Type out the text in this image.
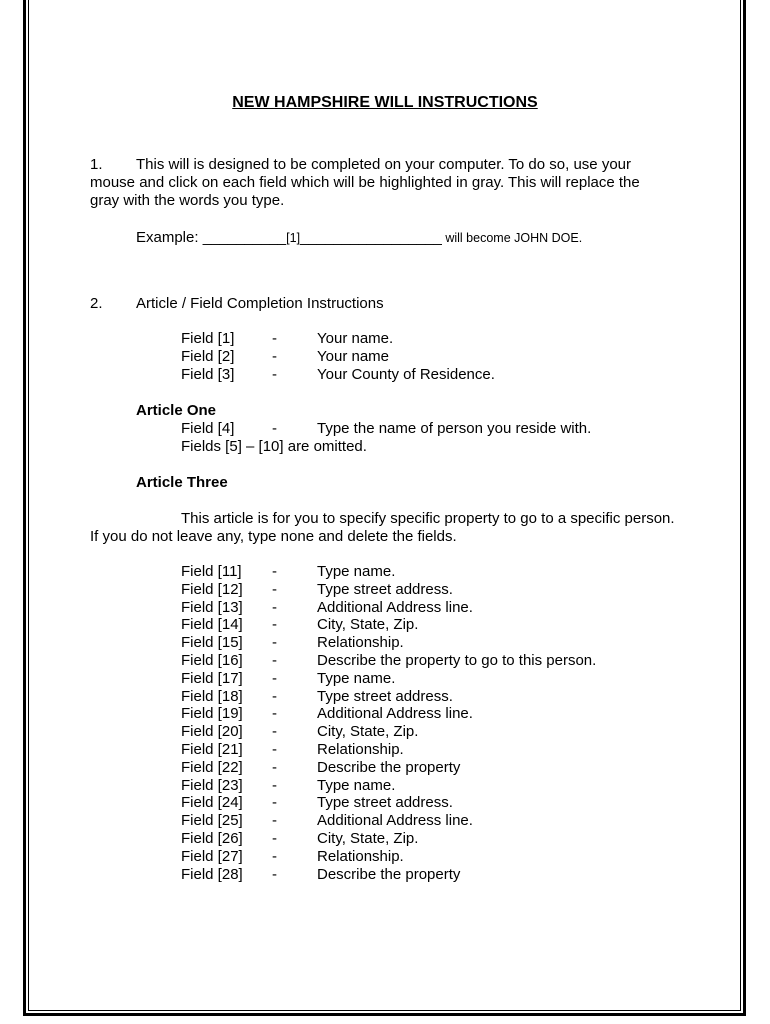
NEW HAMPSHIRE WILL INSTRUCTIONS
1. This will is designed to be completed on your computer. To do so, use your
mouse and click on each field which will be highlighted in gray. This will replace the
gray with the words you type.
Example: __________[1]_________________ will become JOHN DOE.
2. Article / Field Completion Instructions
Field [1]	-	Your name.
Field [2]	-	Your name
Field [3]	-	Your County of Residence.
Article One
Field [4]	-	Type the name of person you reside with.
Fields [5] – [10] are omitted.
Article Three
This article is for you to specify specific property to go to a specific person.
If you do not leave any, type none and delete the fields.
Field [11]	-	Type name.
Field [12]	-	Type street address.
Field [13]	-	Additional Address line.
Field [14]	-	City, State, Zip.
Field [15]	-	Relationship.
Field [16]	-	Describe the property to go to this person.
Field [17]	-	Type name.
Field [18]	-	Type street address.
Field [19]	-	Additional Address line.
Field [20]	-	City, State, Zip.
Field [21]	-	Relationship.
Field [22]	-	Describe the property
Field [23]	-	Type name.
Field [24]	-	Type street address.
Field [25]	-	Additional Address line.
Field [26]	-	City, State, Zip.
Field [27]	-	Relationship.
Field [28]	-	Describe the property
